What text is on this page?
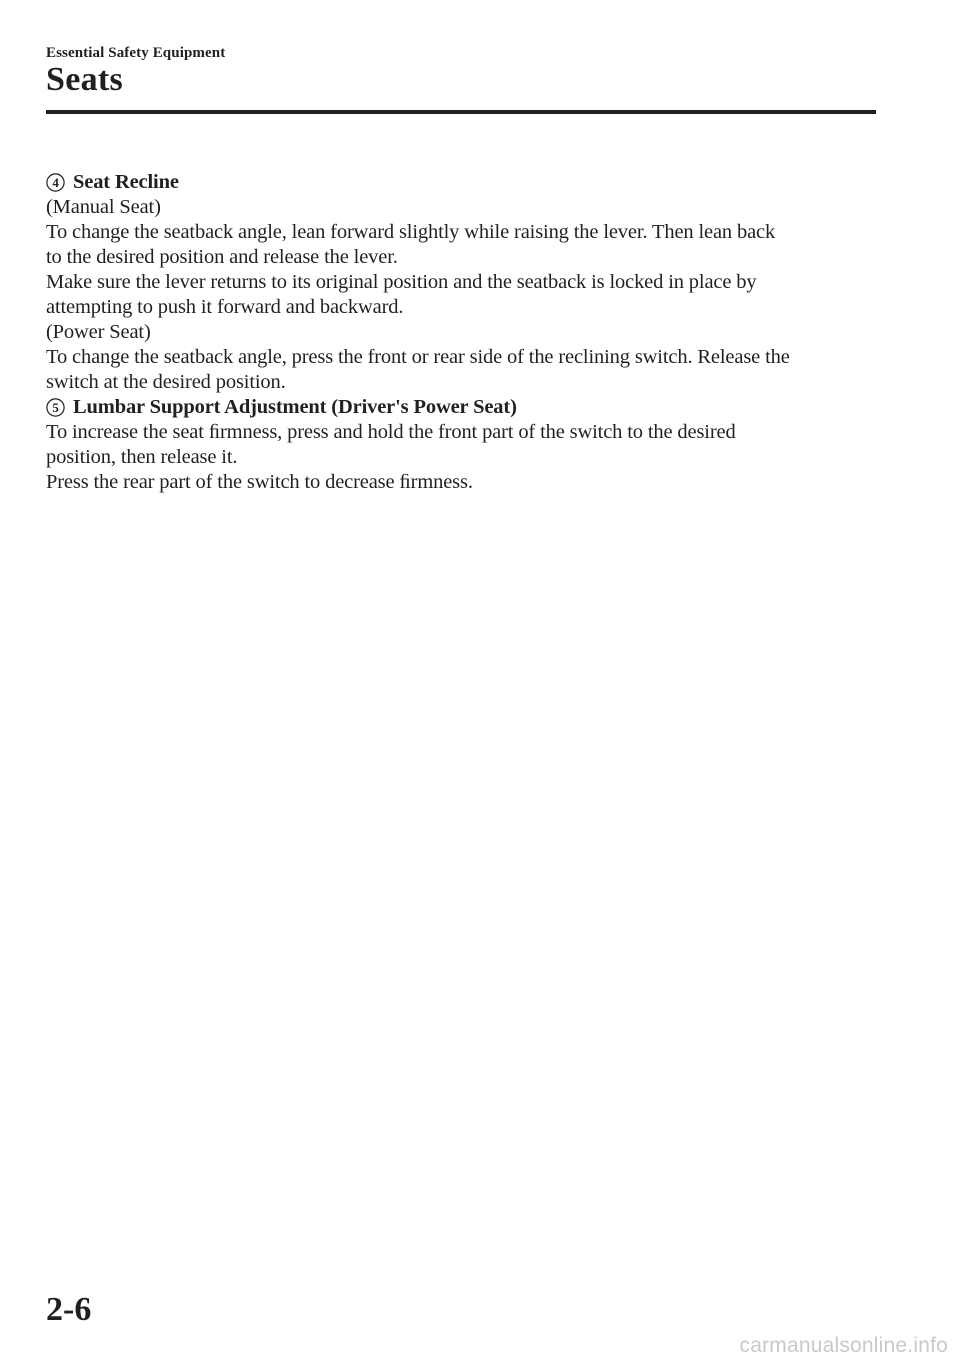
Essential Safety Equipment
Seats

4 Seat Recline

(Manual Seat)

To change the seatback angle, lean forward slightly while raising the lever. Then lean back

to the desired position and release the lever.

Make sure the lever returns to its original position and the seatback is locked in place by

attempting to push it forward and backward.

(Power Seat)

To change the seatback angle, press the front or rear side of the reclining switch. Release the

switch at the desired position.

5 Lumbar Support Adjustment (Driver's Power Seat)

To increase the seat ﬁrmness, press and hold the front part of the switch to the desired

position, then release it.

Press the rear part of the switch to decrease ﬁrmness.

2-6
carmanualsonline.info
